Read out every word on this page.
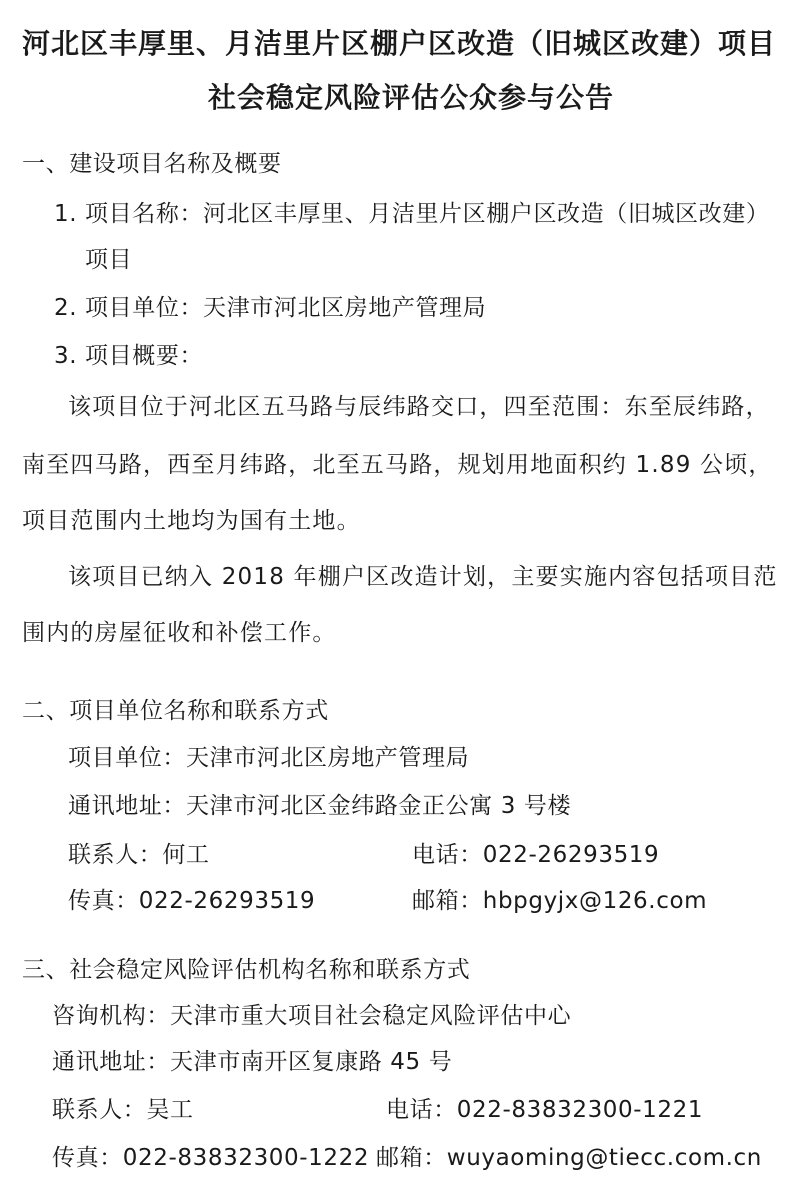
河北区丰厚里、月洁里片区棚户区改造（旧城区改建）项目
社会稳定风险评估公众参与公告
一、建设项目名称及概要
1. 项目名称：河北区丰厚里、月洁里片区棚户区改造（旧城区改建）
项目
2. 项目单位：天津市河北区房地产管理局
3. 项目概要：
该项目位于河北区五马路与辰纬路交口，四至范围：东至辰纬路，
南至四马路，西至月纬路，北至五马路，规划用地面积约 1.89 公顷，
项目范围内土地均为国有土地。
该项目已纳入 2018 年棚户区改造计划，主要实施内容包括项目范
围内的房屋征收和补偿工作。
二、项目单位名称和联系方式
项目单位：天津市河北区房地产管理局
通讯地址：天津市河北区金纬路金正公寓 3 号楼
联系人：何工	电话：022-26293519
传真：022-26293519	邮箱：hbpgyjx@126.com
三、社会稳定风险评估机构名称和联系方式
咨询机构：天津市重大项目社会稳定风险评估中心
通讯地址：天津市南开区复康路 45 号
联系人：吴工	电话：022-83832300-1221
传真：022-83832300-1222 邮箱：wuyaoming@tiecc.com.cn
